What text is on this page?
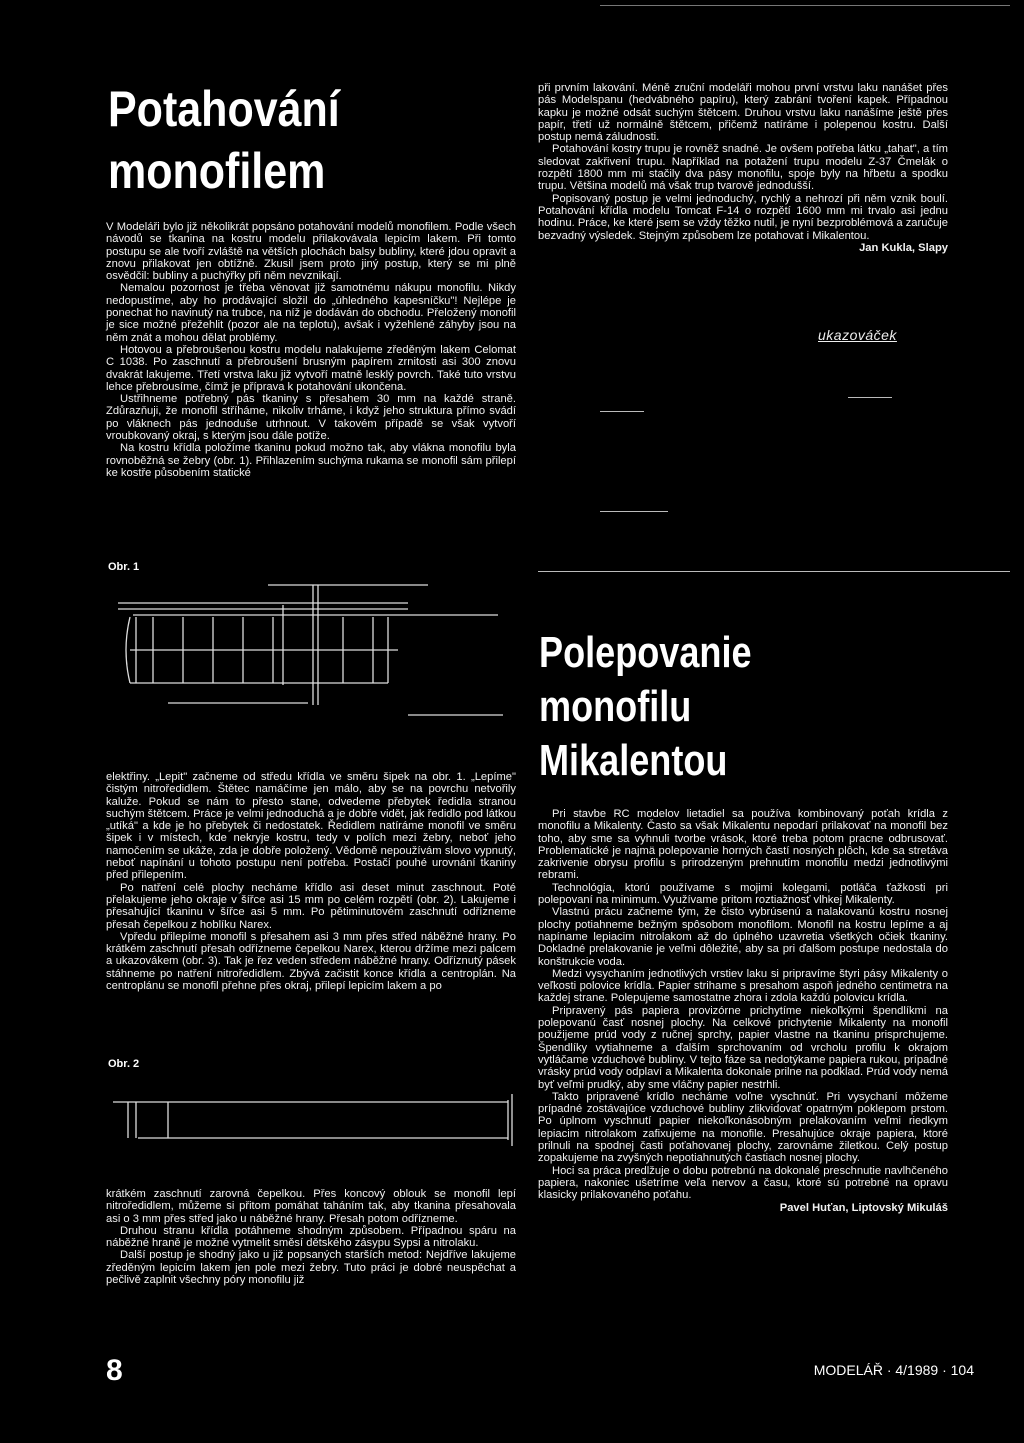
Potahování
monofilem

V Modeláři bylo již několikrát popsáno potahování modelů monofilem. Podle všech návodů se tkanina na kostru modelu přilakovávala lepicím lakem. Při tomto postupu se ale tvoří zvláště na větších plochách balsy bubliny, které jdou opravit a znovu přilakovat jen obtížně. Zkusil jsem proto jiný postup, který se mi plně osvědčil: bubliny a puchýřky při něm nevznikají.

Nemalou pozornost je třeba věnovat již samotnému nákupu monofilu. Nikdy nedopustíme, aby ho prodávající složil do „úhledného kapesníčku"! Nejlépe je ponechat ho navinutý na trubce, na níž je dodáván do obchodu. Přeložený monofil je sice možné přežehlit (pozor ale na teplotu), avšak i vyžehlené záhyby jsou na něm znát a mohou dělat problémy.

Hotovou a přebroušenou kostru modelu nalakujeme zředěným lakem Celomat C 1038. Po zaschnutí a přebroušení brusným papírem zrnitosti asi 300 znovu dvakrát lakujeme. Třetí vrstva laku již vytvoří matně lesklý povrch. Také tuto vrstvu lehce přebrousíme, čímž je příprava k potahování ukončena.

Ustřihneme potřebný pás tkaniny s přesahem 30 mm na každé straně. Zdůrazňuji, že monofil stříháme, nikoliv trháme, i když jeho struktura přímo svádí po vláknech pás jednoduše utrhnout. V takovém případě se však vytvoří vroubkovaný okraj, s kterým jsou dále potíže.

Na kostru křídla položíme tkaninu pokud možno tak, aby vlákna monofilu byla rovnoběžná se žebry (obr. 1). Přihlazením suchýma rukama se monofil sám přilepí ke kostře působením statické

při prvním lakování. Méně zruční modeláři mohou první vrstvu laku nanášet přes pás Modelspanu (hedvábného papíru), který zabrání tvoření kapek. Případnou kapku je možné odsát suchým štětcem. Druhou vrstvu laku nanášíme ještě přes papír, třetí už normálně štětcem, přičemž natíráme i polepenou kostru. Další postup nemá záludnosti.

Potahování kostry trupu je rovněž snadné. Je ovšem potřeba látku „tahat", a tím sledovat zakřivení trupu. Například na potažení trupu modelu Z-37 Čmelák o rozpětí 1800 mm mi stačily dva pásy monofilu, spoje byly na hřbetu a spodku trupu. Většina modelů má však trup tvarově jednodušší.

Popisovaný postup je velmi jednoduchý, rychlý a nehrozí při něm vznik boulí. Potahování křídla modelu Tomcat F-14 o rozpětí 1600 mm mi trvalo asi jednu hodinu. Práce, ke které jsem se vždy těžko nutil, je nyní bezproblémová a zaručuje bezvadný výsledek. Stejným způsobem lze potahovat i Mikalentou.

Jan Kukla, Slapy

ukazováček
Obr. 1
Polepovanie
monofilu
Mikalentou

elektřiny. „Lepit" začneme od středu křídla ve směru šipek na obr. 1. „Lepíme" čistým nitroředidlem. Štětec namáčíme jen málo, aby se na povrchu netvořily kaluže. Pokud se nám to přesto stane, odvedeme přebytek ředidla stranou suchým štětcem. Práce je velmi jednoduchá a je dobře vidět, jak ředidlo pod látkou „utíká" a kde je ho přebytek či nedostatek. Ředidlem natíráme monofil ve směru šipek i v místech, kde nekryje kostru, tedy v polích mezi žebry, neboť jeho namočením se ukáže, zda je dobře položený. Vědomě nepoužívám slovo vypnutý, neboť napínání u tohoto postupu není potřeba. Postačí pouhé urovnání tkaniny před přilepením.

Po natření celé plochy necháme křídlo asi deset minut zaschnout. Poté přelakujeme jeho okraje v šířce asi 15 mm po celém rozpětí (obr. 2). Lakujeme i přesahující tkaninu v šířce asi 5 mm. Po pětiminutovém zaschnutí odřízneme přesah čepelkou z hoblíku Narex.

Vpředu přilepíme monofil s přesahem asi 3 mm přes střed náběžné hrany. Po krátkém zaschnutí přesah odřízneme čepelkou Narex, kterou držíme mezi palcem a ukazovákem (obr. 3). Tak je řez veden středem náběžné hrany. Odříznutý pásek stáhneme po natření nitroředidlem. Zbývá začistit konce křídla a centroplán. Na centroplánu se monofil přehne přes okraj, přilepí lepicím lakem a po

Pri stavbe RC modelov lietadiel sa používa kombinovaný poťah krídla z monofilu a Mikalenty. Často sa však Mikalentu nepodarí prilakovať na monofil bez toho, aby sme sa vyhnuli tvorbe vrások, ktoré treba potom pracne odbrusovať. Problematické je najmä polepovanie horných častí nosných plôch, kde sa stretáva zakrivenie obrysu profilu s prirodzeným prehnutím monofilu medzi jednotlivými rebrami.

Technológia, ktorú používame s mojimi kolegami, potláča ťažkosti pri polepovaní na minimum. Využívame pritom roztiažnosť vlhkej Mikalenty.

Vlastnú prácu začneme tým, že čisto vybrúsenú a nalakovanú kostru nosnej plochy potiahneme bežným spôsobom monofilom. Monofil na kostru lepíme a aj napíname lepiacim nitrolakom až do úplného uzavretia všetkých očiek tkaniny. Dokladné prelakovanie je veľmi dôležité, aby sa pri ďalšom postupe nedostala do konštrukcie voda.

Medzi vysychaním jednotlivých vrstiev laku si pripravíme štyri pásy Mikalenty o veľkosti polovice krídla. Papier strihame s presahom aspoň jedného centimetra na každej strane. Polepujeme samostatne zhora i zdola každú polovicu krídla.

Pripravený pás papiera provizórne prichytíme niekoľkými špendlíkmi na polepovanú časť nosnej plochy. Na celkové prichytenie Mikalenty na monofil použijeme prúd vody z ručnej sprchy, papier vlastne na tkaninu prisprchujeme. Špendlíky vytiahneme a ďalším sprchovaním od vrcholu profilu k okrajom vytláčame vzduchové bubliny. V tejto fáze sa nedotýkame papiera rukou, prípadné vrásky prúd vody odplaví a Mikalenta dokonale prilne na podklad. Prúd vody nemá byť veľmi prudký, aby sme vláčny papier nestrhli.

Takto pripravené krídlo necháme voľne vyschnúť. Pri vysychaní môžeme prípadné zostávajúce vzduchové bubliny zlikvidovať opatrným poklepom prstom. Po úplnom vyschnutí papier niekoľkonásobným prelakovaním veľmi riedkym lepiacim nitrolakom zafixujeme na monofile. Presahujúce okraje papiera, ktoré prilnuli na spodnej časti poťahovanej plochy, zarovnáme žiletkou. Celý postup zopakujeme na zvyšných nepotiahnutých častiach nosnej plochy.

Hoci sa práca predlžuje o dobu potrebnú na dokonalé preschnutie navlhčeného papiera, nakoniec ušetríme veľa nervov a času, ktoré sú potrebné na opravu klasicky prilakovaného poťahu.

Pavel Huťan, Liptovský Mikuláš

Obr. 2

krátkém zaschnutí zarovná čepelkou. Přes koncový oblouk se monofil lepí nitroředidlem, můžeme si přitom pomáhat taháním tak, aby tkanina přesahovala asi o 3 mm přes střed jako u náběžné hrany. Přesah potom odřízneme.

Druhou stranu křídla potáhneme shodným způsobem. Případnou spáru na náběžné hraně je možné vytmelit směsí dětského zásypu Sypsi a nitrolaku.

Další postup je shodný jako u již popsaných starších metod: Nejdříve lakujeme zředěným lepicím lakem jen pole mezi žebry. Tuto práci je dobré neuspěchat a pečlivě zaplnit všechny póry monofilu již

8	MODELÁŘ · 4/1989 · 104
